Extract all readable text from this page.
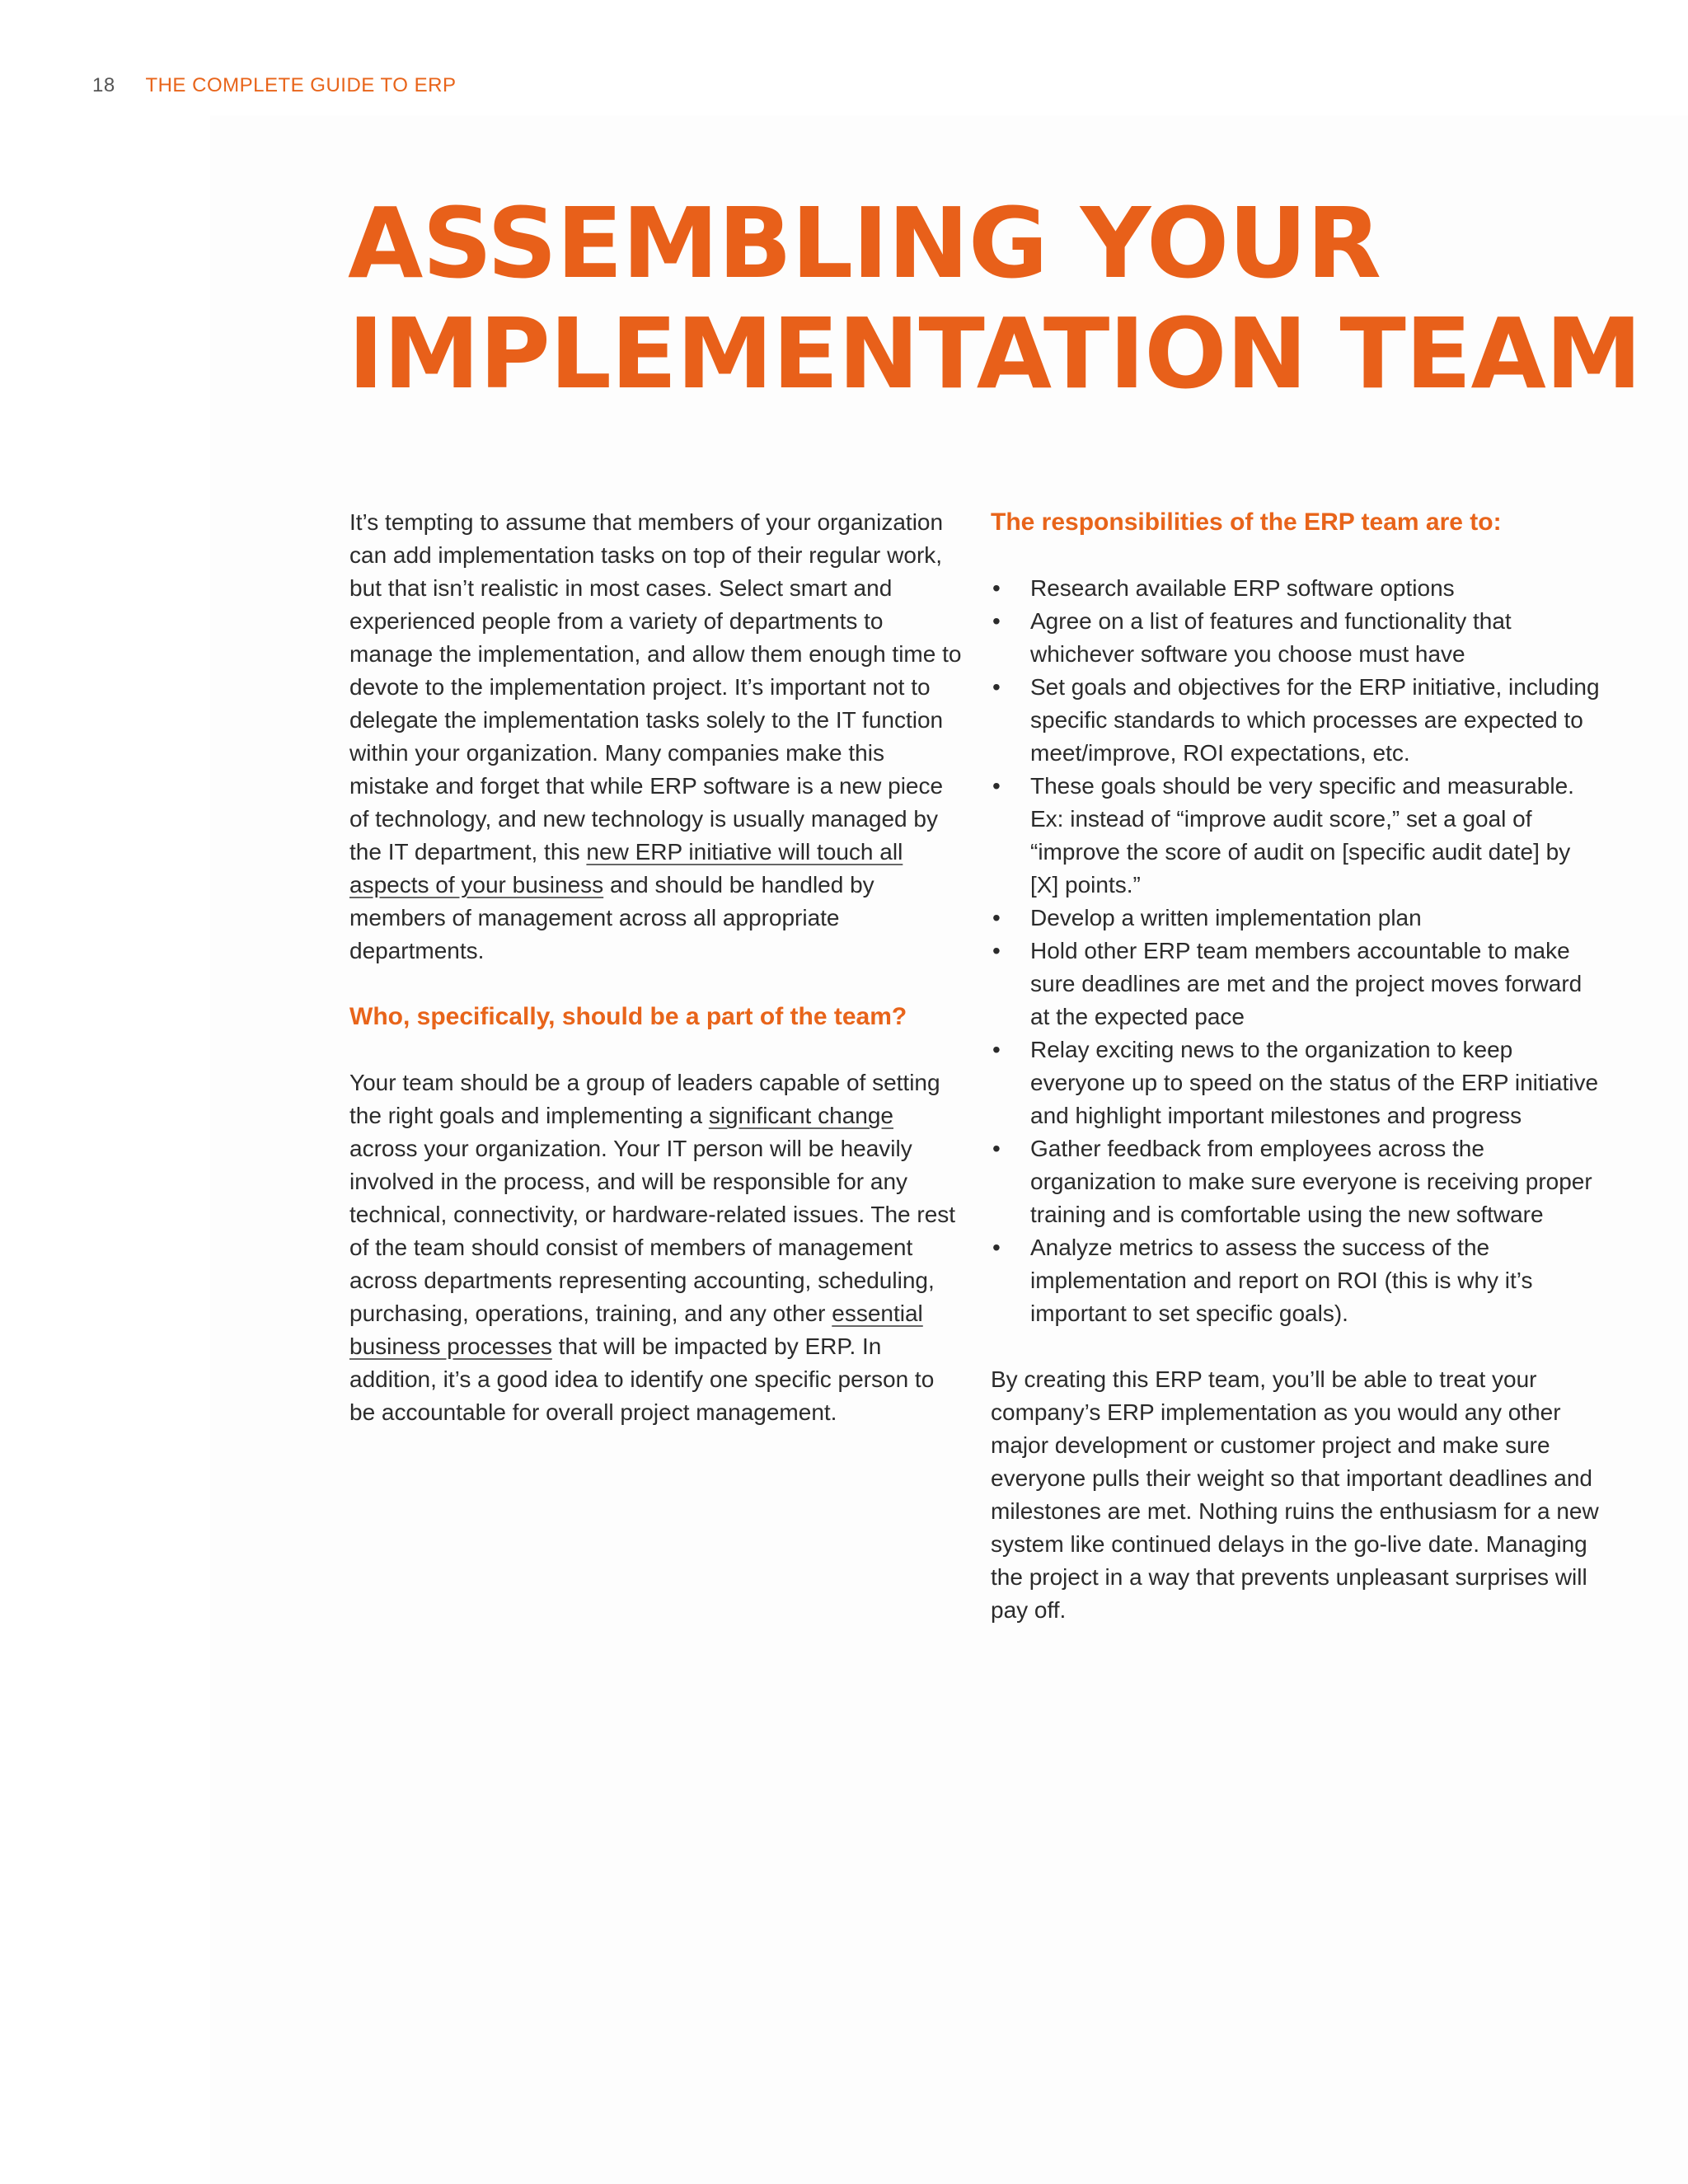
18 THE COMPLETE GUIDE TO ERP
ASSEMBLING YOUR
IMPLEMENTATION TEAM

It’s tempting to assume that members of your organization can add implementation tasks on top of their regular work, but that isn’t realistic in most cases. Select smart and experienced people from a variety of departments to manage the implementation, and allow them enough time to devote to the implementation project. It’s important not to delegate the implementation tasks solely to the IT function within your organization. Many companies make this mistake and forget that while ERP software is a new piece of technology, and new technology is usually managed by the IT department, this new ERP initiative will touch all aspects of your business and should be handled by members of management across all appropriate departments.

Who, specifically, should be a part of the team?

Your team should be a group of leaders capable of setting the right goals and implementing a significant change across your organization. Your IT person will be heavily involved in the process, and will be responsible for any technical, connectivity, or hardware-related issues. The rest of the team should consist of members of management across departments representing accounting, scheduling, purchasing, operations, training, and any other essential business processes that will be impacted by ERP. In addition, it’s a good idea to identify one specific person to be accountable for overall project management.

The responsibilities of the ERP team are to:
• Research available ERP software options
• Agree on a list of features and functionality that whichever software you choose must have
• Set goals and objectives for the ERP initiative, including specific standards to which processes are expected to meet/improve, ROI expectations, etc.
• These goals should be very specific and measurable. Ex: instead of “improve audit score,” set a goal of “improve the score of audit on [specific audit date] by [X] points.”
• Develop a written implementation plan
• Hold other ERP team members accountable to make sure deadlines are met and the project moves forward at the expected pace
• Relay exciting news to the organization to keep everyone up to speed on the status of the ERP initiative and highlight important milestones and progress
• Gather feedback from employees across the organization to make sure everyone is receiving proper training and is comfortable using the new software
• Analyze metrics to assess the success of the implementation and report on ROI (this is why it’s important to set specific goals).

By creating this ERP team, you’ll be able to treat your company’s ERP implementation as you would any other major development or customer project and make sure everyone pulls their weight so that important deadlines and milestones are met. Nothing ruins the enthusiasm for a new system like continued delays in the go-live date. Managing the project in a way that prevents unpleasant surprises will pay off.
